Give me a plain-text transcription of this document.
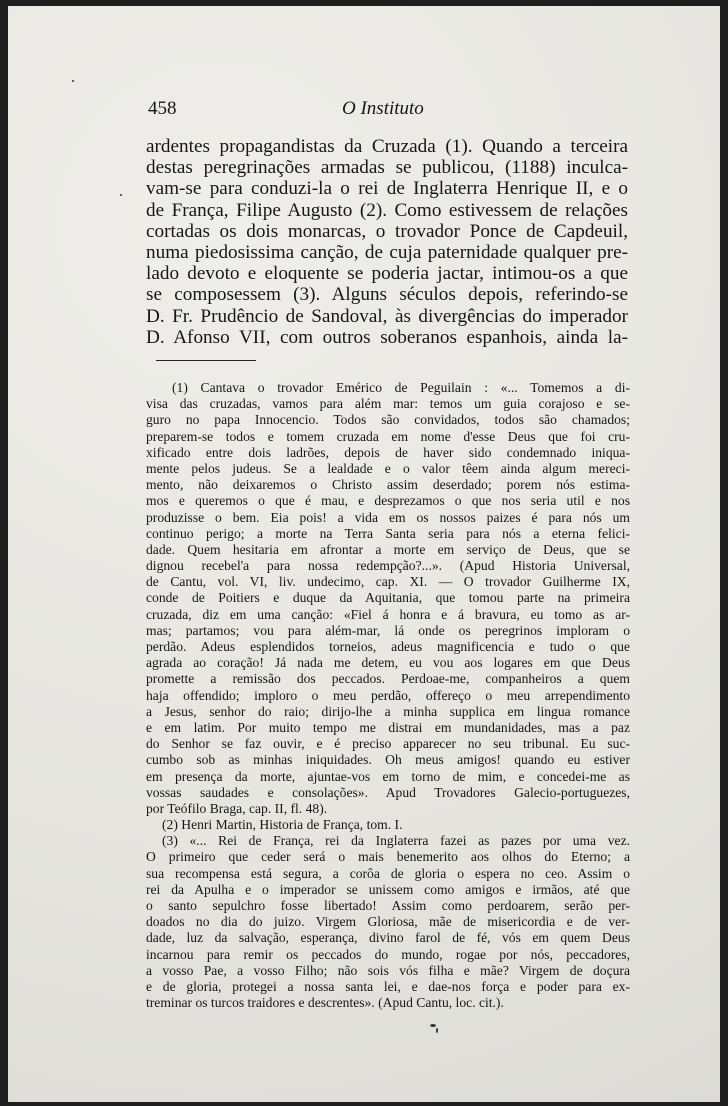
458	O Instituto
ardentes propagandistas da Cruzada (1). Quando a terceira
destas peregrinações armadas se publicou, (1188) inculca-
vam-se para conduzi-la o rei de Inglaterra Henrique II, e o
de França, Filipe Augusto (2). Como estivessem de relações
cortadas os dois monarcas, o trovador Ponce de Capdeuil,
numa piedosissima canção, de cuja paternidade qualquer pre-
lado devoto e eloquente se poderia jactar, intimou-os a que
se composessem (3). Alguns séculos depois, referindo-se
D. Fr. Prudêncio de Sandoval, às divergências do imperador
D. Afonso VII, com outros soberanos espanhois, ainda la-
(1) Cantava o trovador Emérico de Peguilain : «... Tomemos a di-
visa das cruzadas, vamos para além mar: temos um guia corajoso e se-
guro no papa Innocencio. Todos são convidados, todos são chamados;
preparem-se todos e tomem cruzada em nome d'esse Deus que foi cru-
xificado entre dois ladrões, depois de haver sido condemnado iniqua-
mente pelos judeus. Se a lealdade e o valor têem ainda algum mereci-
mento, não deixaremos o Christo assim deserdado; porem nós estima-
mos e queremos o que é mau, e desprezamos o que nos seria util e nos
produzisse o bem. Eia pois! a vida em os nossos paizes é para nós um
continuo perigo; a morte na Terra Santa seria para nós a eterna felici-
dade. Quem hesitaria em afrontar a morte em serviço de Deus, que se
dignou recebel'a para nossa redempção?...». (Apud Historia Universal,
de Cantu, vol. VI, liv. undecimo, cap. XI. — O trovador Guilherme IX,
conde de Poitiers e duque da Aquitania, que tomou parte na primeira
cruzada, diz em uma canção: «Fiel á honra e á bravura, eu tomo as ar-
mas; partamos; vou para além-mar, lá onde os peregrinos imploram o
perdão. Adeus esplendidos torneios, adeus magnificencia e tudo o que
agrada ao coração! Já nada me detem, eu vou aos logares em que Deus
promette a remissão dos peccados. Perdoae-me, companheiros a quem
haja offendido; imploro o meu perdão, offereço o meu arrependimento
a Jesus, senhor do raio; dirijo-lhe a minha supplica em lingua romance
e em latim. Por muito tempo me distrai em mundanidades, mas a paz
do Senhor se faz ouvir, e é preciso apparecer no seu tribunal. Eu suc-
cumbo sob as minhas iniquidades. Oh meus amigos! quando eu estiver
em presença da morte, ajuntae-vos em torno de mim, e concedei-me as
vossas saudades e consolações». Apud Trovadores Galecio-portuguezes,
por Teófilo Braga, cap. II, fl. 48).
(2) Henri Martin, Historia de França, tom. I.
(3) «... Rei de França, rei da Inglaterra fazei as pazes por uma vez.
O primeiro que ceder será o mais benemerito aos olhos do Eterno; a
sua recompensa está segura, a corôa de gloria o espera no ceo. Assim o
rei da Apulha e o imperador se unissem como amigos e irmãos, até que
o santo sepulchro fosse libertado! Assim como perdoarem, serão per-
doados no dia do juizo. Virgem Gloriosa, mãe de misericordia e de ver-
dade, luz da salvação, esperança, divino farol de fé, vós em quem Deus
incarnou para remir os peccados do mundo, rogae por nós, peccadores,
a vosso Pae, a vosso Filho; não sois vós filha e mãe? Virgem de doçura
e de gloria, protegei a nossa santa lei, e dae-nos força e poder para ex-
treminar os turcos traidores e descrentes». (Apud Cantu, loc. cit.).
